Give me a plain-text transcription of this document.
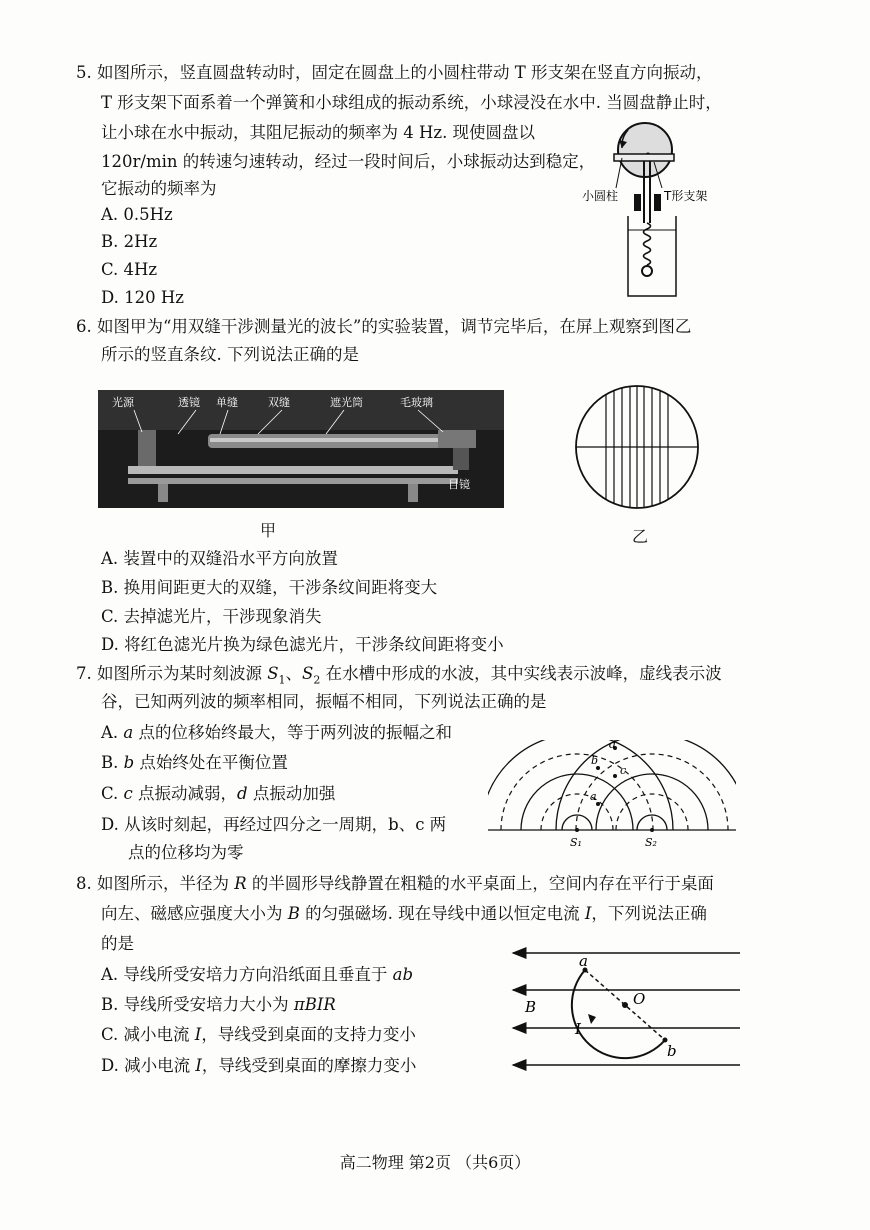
5. 如图所示，竖直圆盘转动时，固定在圆盘上的小圆柱带动 T 形支架在竖直方向振动，
T 形支架下面系着一个弹簧和小球组成的振动系统，小球浸没在水中. 当圆盘静止时，
让小球在水中振动，其阻尼振动的频率为 4 Hz. 现使圆盘以
120r/min 的转速匀速转动，经过一段时间后，小球振动达到稳定，
它振动的频率为
A. 0.5Hz
B. 2Hz
C. 4Hz
D. 120 Hz
小圆柱	T形支架
6. 如图甲为“用双缝干涉测量光的波长”的实验装置，调节完毕后，在屏上观察到图乙
所示的竖直条纹. 下列说法正确的是
光源	透镜 单缝	双缝	遮光筒	毛玻璃
目镜
甲	乙
A. 装置中的双缝沿水平方向放置
B. 换用间距更大的双缝，干涉条纹间距将变大
C. 去掉滤光片，干涉现象消失
D. 将红色滤光片换为绿色滤光片，干涉条纹间距将变小
7. 如图所示为某时刻波源 $S_1$、$S_2$ 在水槽中形成的水波，其中实线表示波峰，虚线表示波
谷，已知两列波的频率相同，振幅不相同，下列说法正确的是
A. a 点的位移始终最大，等于两列波的振幅之和
B. b 点始终处在平衡位置
C. c 点振动减弱，d 点振动加强
D. 从该时刻起，再经过四分之一周期，b、c 两
点的位移均为零
a
b
c
d
S₁	S₂
8. 如图所示，半径为 R 的半圆形导线静置在粗糙的水平桌面上，空间内存在平行于桌面
向左、磁感应强度大小为 B 的匀强磁场. 现在导线中通以恒定电流 I，下列说法正确
的是
A. 导线所受安培力方向沿纸面且垂直于 ab
B. 导线所受安培力大小为 πBIR
C. 减小电流 I，导线受到桌面的支持力变小
D. 减小电流 I，导线受到桌面的摩擦力变小
a
b
O
B
I
高二物理 第2页 （共6页）
